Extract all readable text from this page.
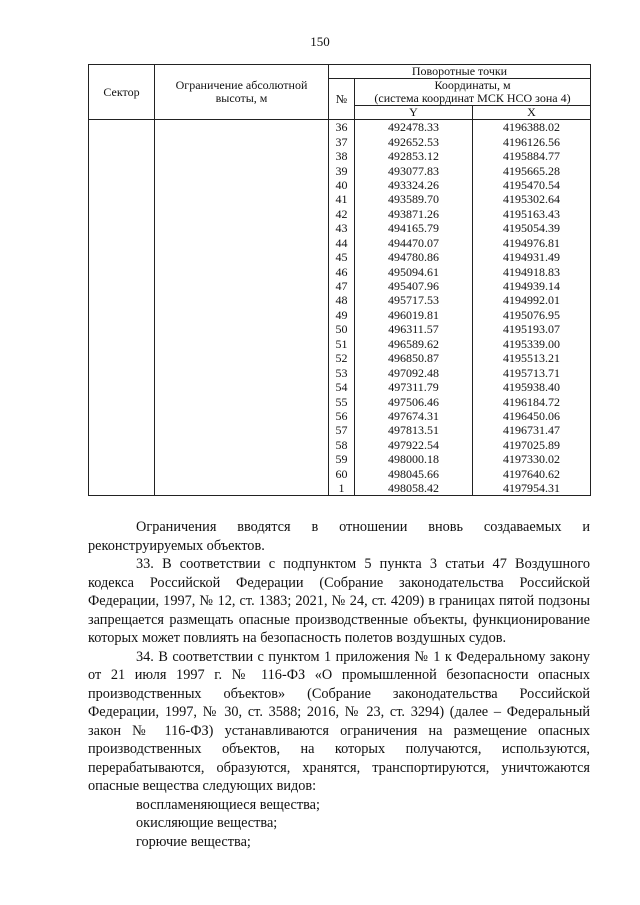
150
Сектор	Ограничение абсолютной высоты, м	Поворотные точки		
		№	Координаты, м
(система координат МСК НСО зона 4)	

			Y	X
		36	492478.33	4196388.02
		37	492652.53	4196126.56
		38	492853.12	4195884.77
		39	493077.83	4195665.28
		40	493324.26	4195470.54
		41	493589.70	4195302.64
		42	493871.26	4195163.43
		43	494165.79	4195054.39
		44	494470.07	4194976.81
		45	494780.86	4194931.49
		46	495094.61	4194918.83
		47	495407.96	4194939.14
		48	495717.53	4194992.01
		49	496019.81	4195076.95
		50	496311.57	4195193.07
		51	496589.62	4195339.00
		52	496850.87	4195513.21
		53	497092.48	4195713.71
		54	497311.79	4195938.40
		55	497506.46	4196184.72
		56	497674.31	4196450.06
		57	497813.51	4196731.47
		58	497922.54	4197025.89
		59	498000.18	4197330.02
		60	498045.66	4197640.62
		1	498058.42	4197954.31

Ограничения вводятся в отношении вновь создаваемых и реконструируемых объектов.

33. В соответствии с подпунктом 5 пункта 3 статьи 47 Воздушного кодекса Российской Федерации (Собрание законодательства Российской Федерации, 1997, № 12, ст. 1383; 2021, № 24, ст. 4209) в границах пятой подзоны запрещается размещать опасные производственные объекты, функционирование которых может повлиять на безопасность полетов воздушных судов.

34. В соответствии с пунктом 1 приложения № 1 к Федеральному закону от 21 июля 1997 г. № 116-ФЗ «О промышленной безопасности опасных производственных объектов» (Собрание законодательства Российской Федерации, 1997, № 30, ст. 3588; 2016, № 23, ст. 3294) (далее – Федеральный закон № 116-ФЗ) устанавливаются ограничения на размещение опасных производственных объектов, на которых получаются, используются, перерабатываются, образуются, хранятся, транспортируются, уничтожаются опасные вещества следующих видов:

воспламеняющиеся вещества;

окисляющие вещества;

горючие вещества;
